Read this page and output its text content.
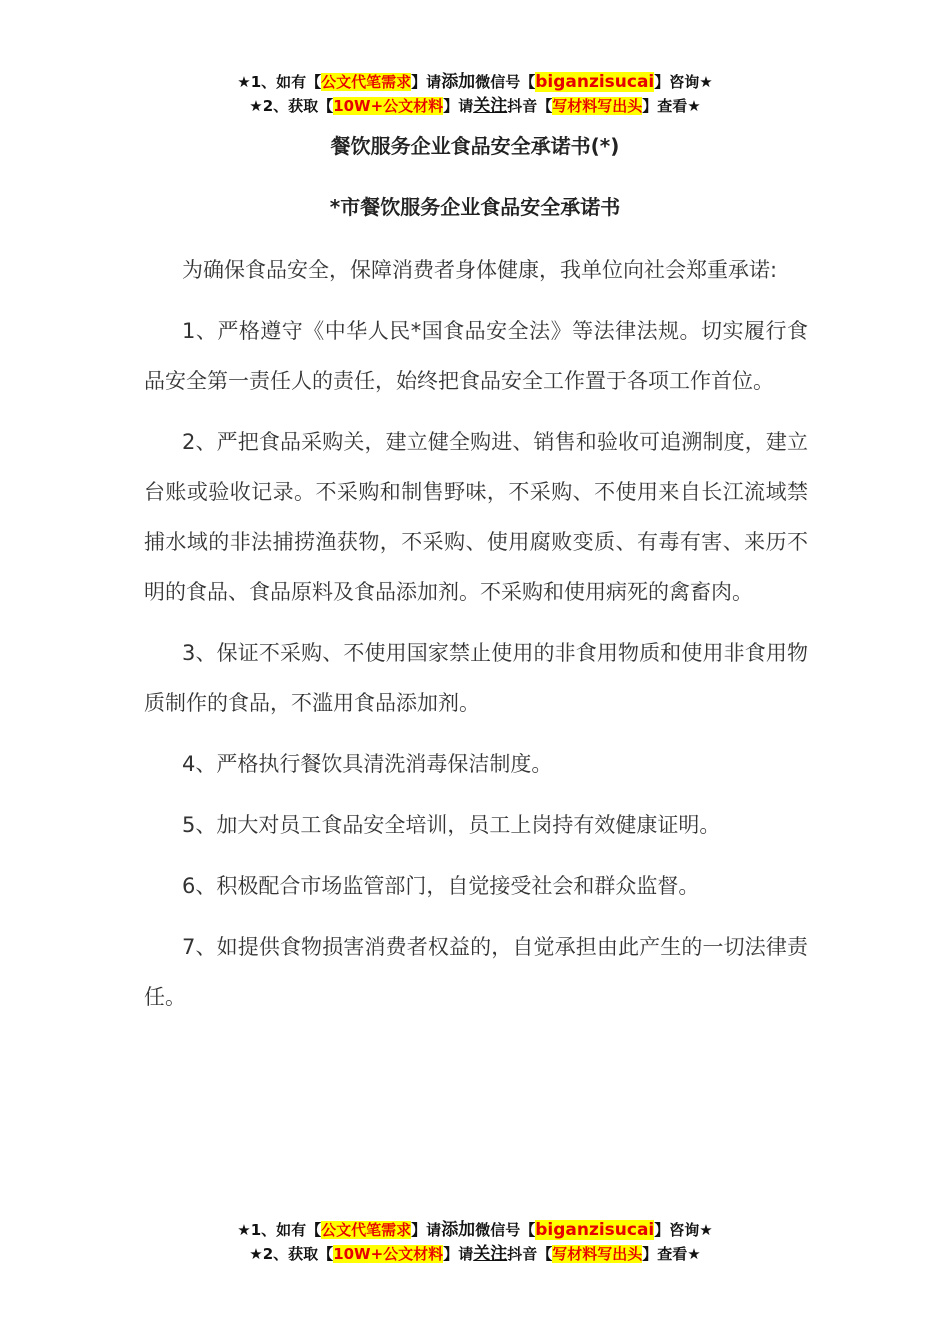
★1、如有【公文代笔需求】请添加微信号【biganzisucai】咨询★
★2、获取【10W+公文材料】请关注抖音【写材料写出头】查看★
餐饮服务企业食品安全承诺书(*)
*市餐饮服务企业食品安全承诺书

为确保食品安全，保障消费者身体健康，我单位向社会郑重承诺:

1、严格遵守《中华人民*国食品安全法》等法律法规。切实履行食品安全第一责任人的责任，始终把食品安全工作置于各项工作首位。

2、严把食品采购关，建立健全购进、销售和验收可追溯制度，建立台账或验收记录。不采购和制售野味，不采购、不使用来自长江流域禁捕水域的非法捕捞渔获物，不采购、使用腐败变质、有毒有害、来历不明的食品、食品原料及食品添加剂。不采购和使用病死的禽畜肉。

3、保证不采购、不使用国家禁止使用的非食用物质和使用非食用物质制作的食品，不滥用食品添加剂。

4、严格执行餐饮具清洗消毒保洁制度。

5、加大对员工食品安全培训，员工上岗持有效健康证明。

6、积极配合市场监管部门，自觉接受社会和群众监督。

7、如提供食物损害消费者权益的，自觉承担由此产生的一切法律责任。

★1、如有【公文代笔需求】请添加微信号【biganzisucai】咨询★
★2、获取【10W+公文材料】请关注抖音【写材料写出头】查看★
